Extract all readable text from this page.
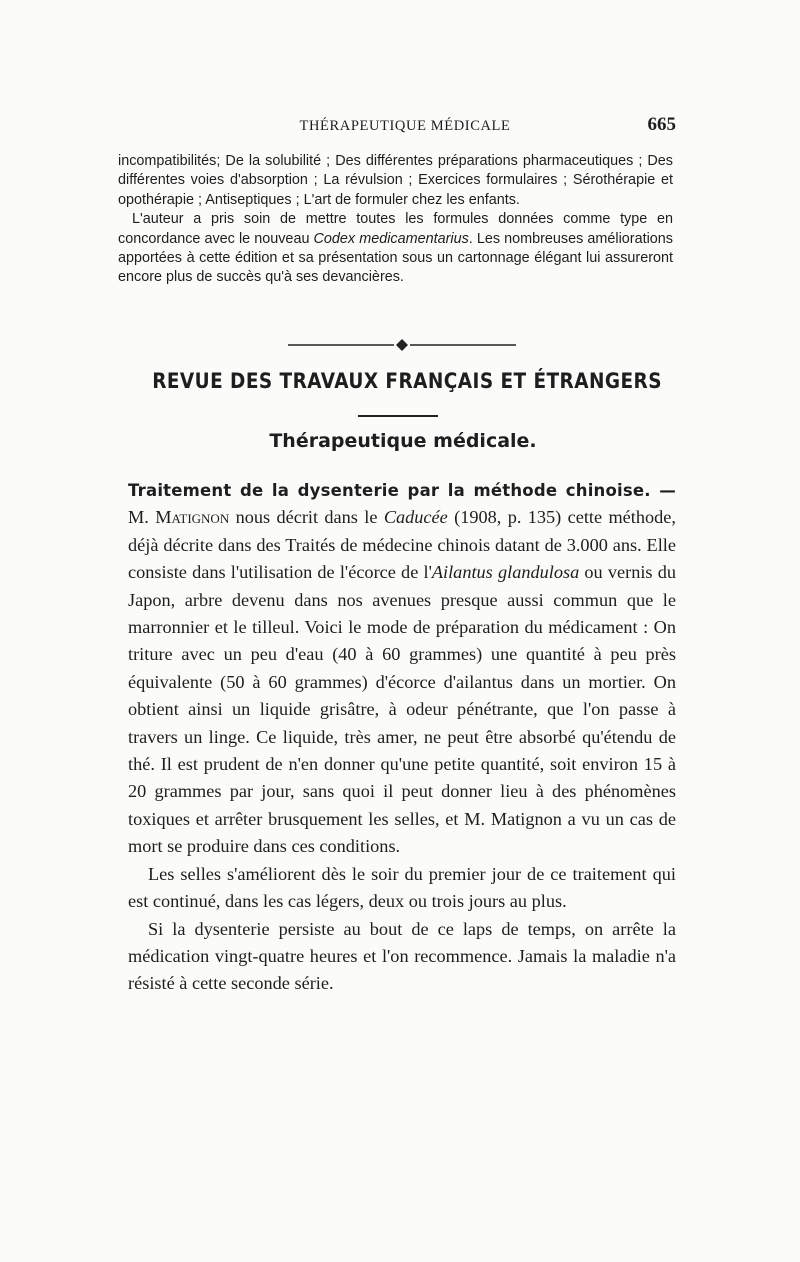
THÉRAPEUTIQUE MÉDICALE	665

incompatibilités; De la solubilité ; Des différentes préparations pharmaceutiques ; Des différentes voies d'absorption ; La révulsion ; Exercices formulaires ; Sérothérapie et opothérapie ; Antiseptiques ; L'art de formuler chez les enfants.

L'auteur a pris soin de mettre toutes les formules données comme type en concordance avec le nouveau Codex medicamentarius. Les nombreuses améliorations apportées à cette édition et sa présentation sous un cartonnage élégant lui assureront encore plus de succès qu'à ses devancières.

REVUE DES TRAVAUX FRANÇAIS ET ÉTRANGERS
Thérapeutique médicale.

Traitement de la dysenterie par la méthode chinoise. — M. Matignon nous décrit dans le Caducée (1908, p. 135) cette méthode, déjà décrite dans des Traités de médecine chinois datant de 3.000 ans. Elle consiste dans l'utilisation de l'écorce de l'Ailantus glandulosa ou vernis du Japon, arbre devenu dans nos avenues presque aussi commun que le marronnier et le tilleul. Voici le mode de préparation du médicament : On triture avec un peu d'eau (40 à 60 grammes) une quantité à peu près équivalente (50 à 60 grammes) d'écorce d'ailantus dans un mortier. On obtient ainsi un liquide grisâtre, à odeur pénétrante, que l'on passe à travers un linge. Ce liquide, très amer, ne peut être absorbé qu'étendu de thé. Il est prudent de n'en donner qu'une petite quantité, soit environ 15 à 20 grammes par jour, sans quoi il peut donner lieu à des phénomènes toxiques et arrêter brusquement les selles, et M. Matignon a vu un cas de mort se produire dans ces conditions.

Les selles s'améliorent dès le soir du premier jour de ce traitement qui est continué, dans les cas légers, deux ou trois jours au plus.

Si la dysenterie persiste au bout de ce laps de temps, on arrête la médication vingt-quatre heures et l'on recommence. Jamais la maladie n'a résisté à cette seconde série.
